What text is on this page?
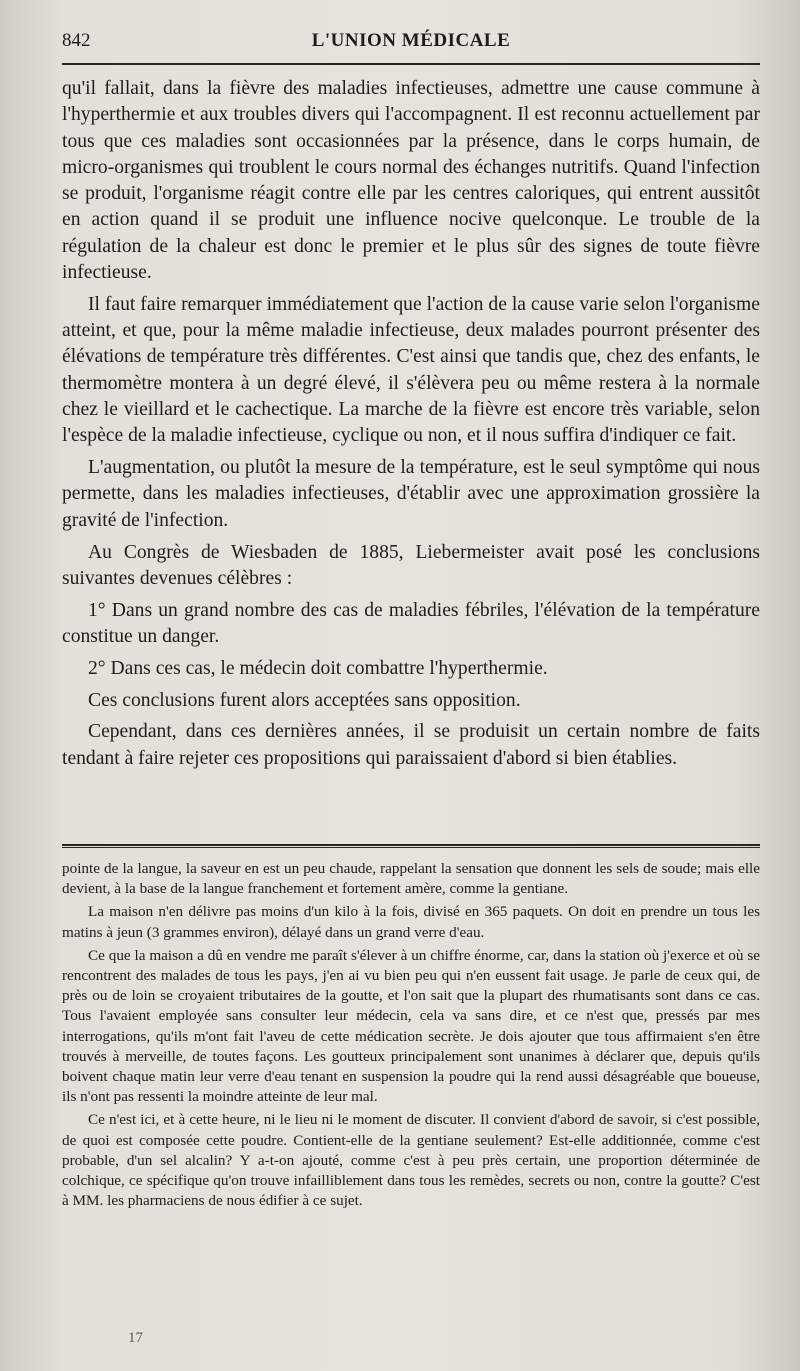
842	L'UNION MÉDICALE

qu'il fallait, dans la fièvre des maladies infectieuses, admettre une cause commune à l'hyperthermie et aux troubles divers qui l'accompagnent. Il est reconnu actuellement par tous que ces maladies sont occasionnées par la présence, dans le corps humain, de micro-organismes qui troublent le cours normal des échanges nutritifs. Quand l'infection se produit, l'organisme réagit contre elle par les centres caloriques, qui entrent aussitôt en action quand il se produit une influence nocive quelconque. Le trouble de la régulation de la chaleur est donc le premier et le plus sûr des signes de toute fièvre infectieuse.

Il faut faire remarquer immédiatement que l'action de la cause varie selon l'organisme atteint, et que, pour la même maladie infectieuse, deux malades pourront présenter des élévations de température très différentes. C'est ainsi que tandis que, chez des enfants, le thermomètre montera à un degré élevé, il s'élèvera peu ou même restera à la normale chez le vieillard et le cachectique. La marche de la fièvre est encore très variable, selon l'espèce de la maladie infectieuse, cyclique ou non, et il nous suffira d'indiquer ce fait.

L'augmentation, ou plutôt la mesure de la température, est le seul symptôme qui nous permette, dans les maladies infectieuses, d'établir avec une approximation grossière la gravité de l'infection.

Au Congrès de Wiesbaden de 1885, Liebermeister avait posé les conclusions suivantes devenues célèbres :

1° Dans un grand nombre des cas de maladies fébriles, l'élévation de la température constitue un danger.

2° Dans ces cas, le médecin doit combattre l'hyperthermie.

Ces conclusions furent alors acceptées sans opposition.

Cependant, dans ces dernières années, il se produisit un certain nombre de faits tendant à faire rejeter ces propositions qui paraissaient d'abord si bien établies.

pointe de la langue, la saveur en est un peu chaude, rappelant la sensation que donnent les sels de soude; mais elle devient, à la base de la langue franchement et fortement amère, comme la gentiane.

La maison n'en délivre pas moins d'un kilo à la fois, divisé en 365 paquets. On doit en prendre un tous les matins à jeun (3 grammes environ), délayé dans un grand verre d'eau.

Ce que la maison a dû en vendre me paraît s'élever à un chiffre énorme, car, dans la station où j'exerce et où se rencontrent des malades de tous les pays, j'en ai vu bien peu qui n'en eussent fait usage. Je parle de ceux qui, de près ou de loin se croyaient tributaires de la goutte, et l'on sait que la plupart des rhumatisants sont dans ce cas. Tous l'avaient employée sans consulter leur médecin, cela va sans dire, et ce n'est que, pressés par mes interrogations, qu'ils m'ont fait l'aveu de cette médication secrète. Je dois ajouter que tous affirmaient s'en être trouvés à merveille, de toutes façons. Les goutteux principalement sont unanimes à déclarer que, depuis qu'ils boivent chaque matin leur verre d'eau tenant en suspension la poudre qui la rend aussi désagréable que boueuse, ils n'ont pas ressenti la moindre atteinte de leur mal.

Ce n'est ici, et à cette heure, ni le lieu ni le moment de discuter. Il convient d'abord de savoir, si c'est possible, de quoi est composée cette poudre. Contient-elle de la gentiane seulement? Est-elle additionnée, comme c'est probable, d'un sel alcalin? Y a-t-on ajouté, comme c'est à peu près certain, une proportion déterminée de colchique, ce spécifique qu'on trouve infailliblement dans tous les remèdes, secrets ou non, contre la goutte? C'est à MM. les pharmaciens de nous édifier à ce sujet.

17
